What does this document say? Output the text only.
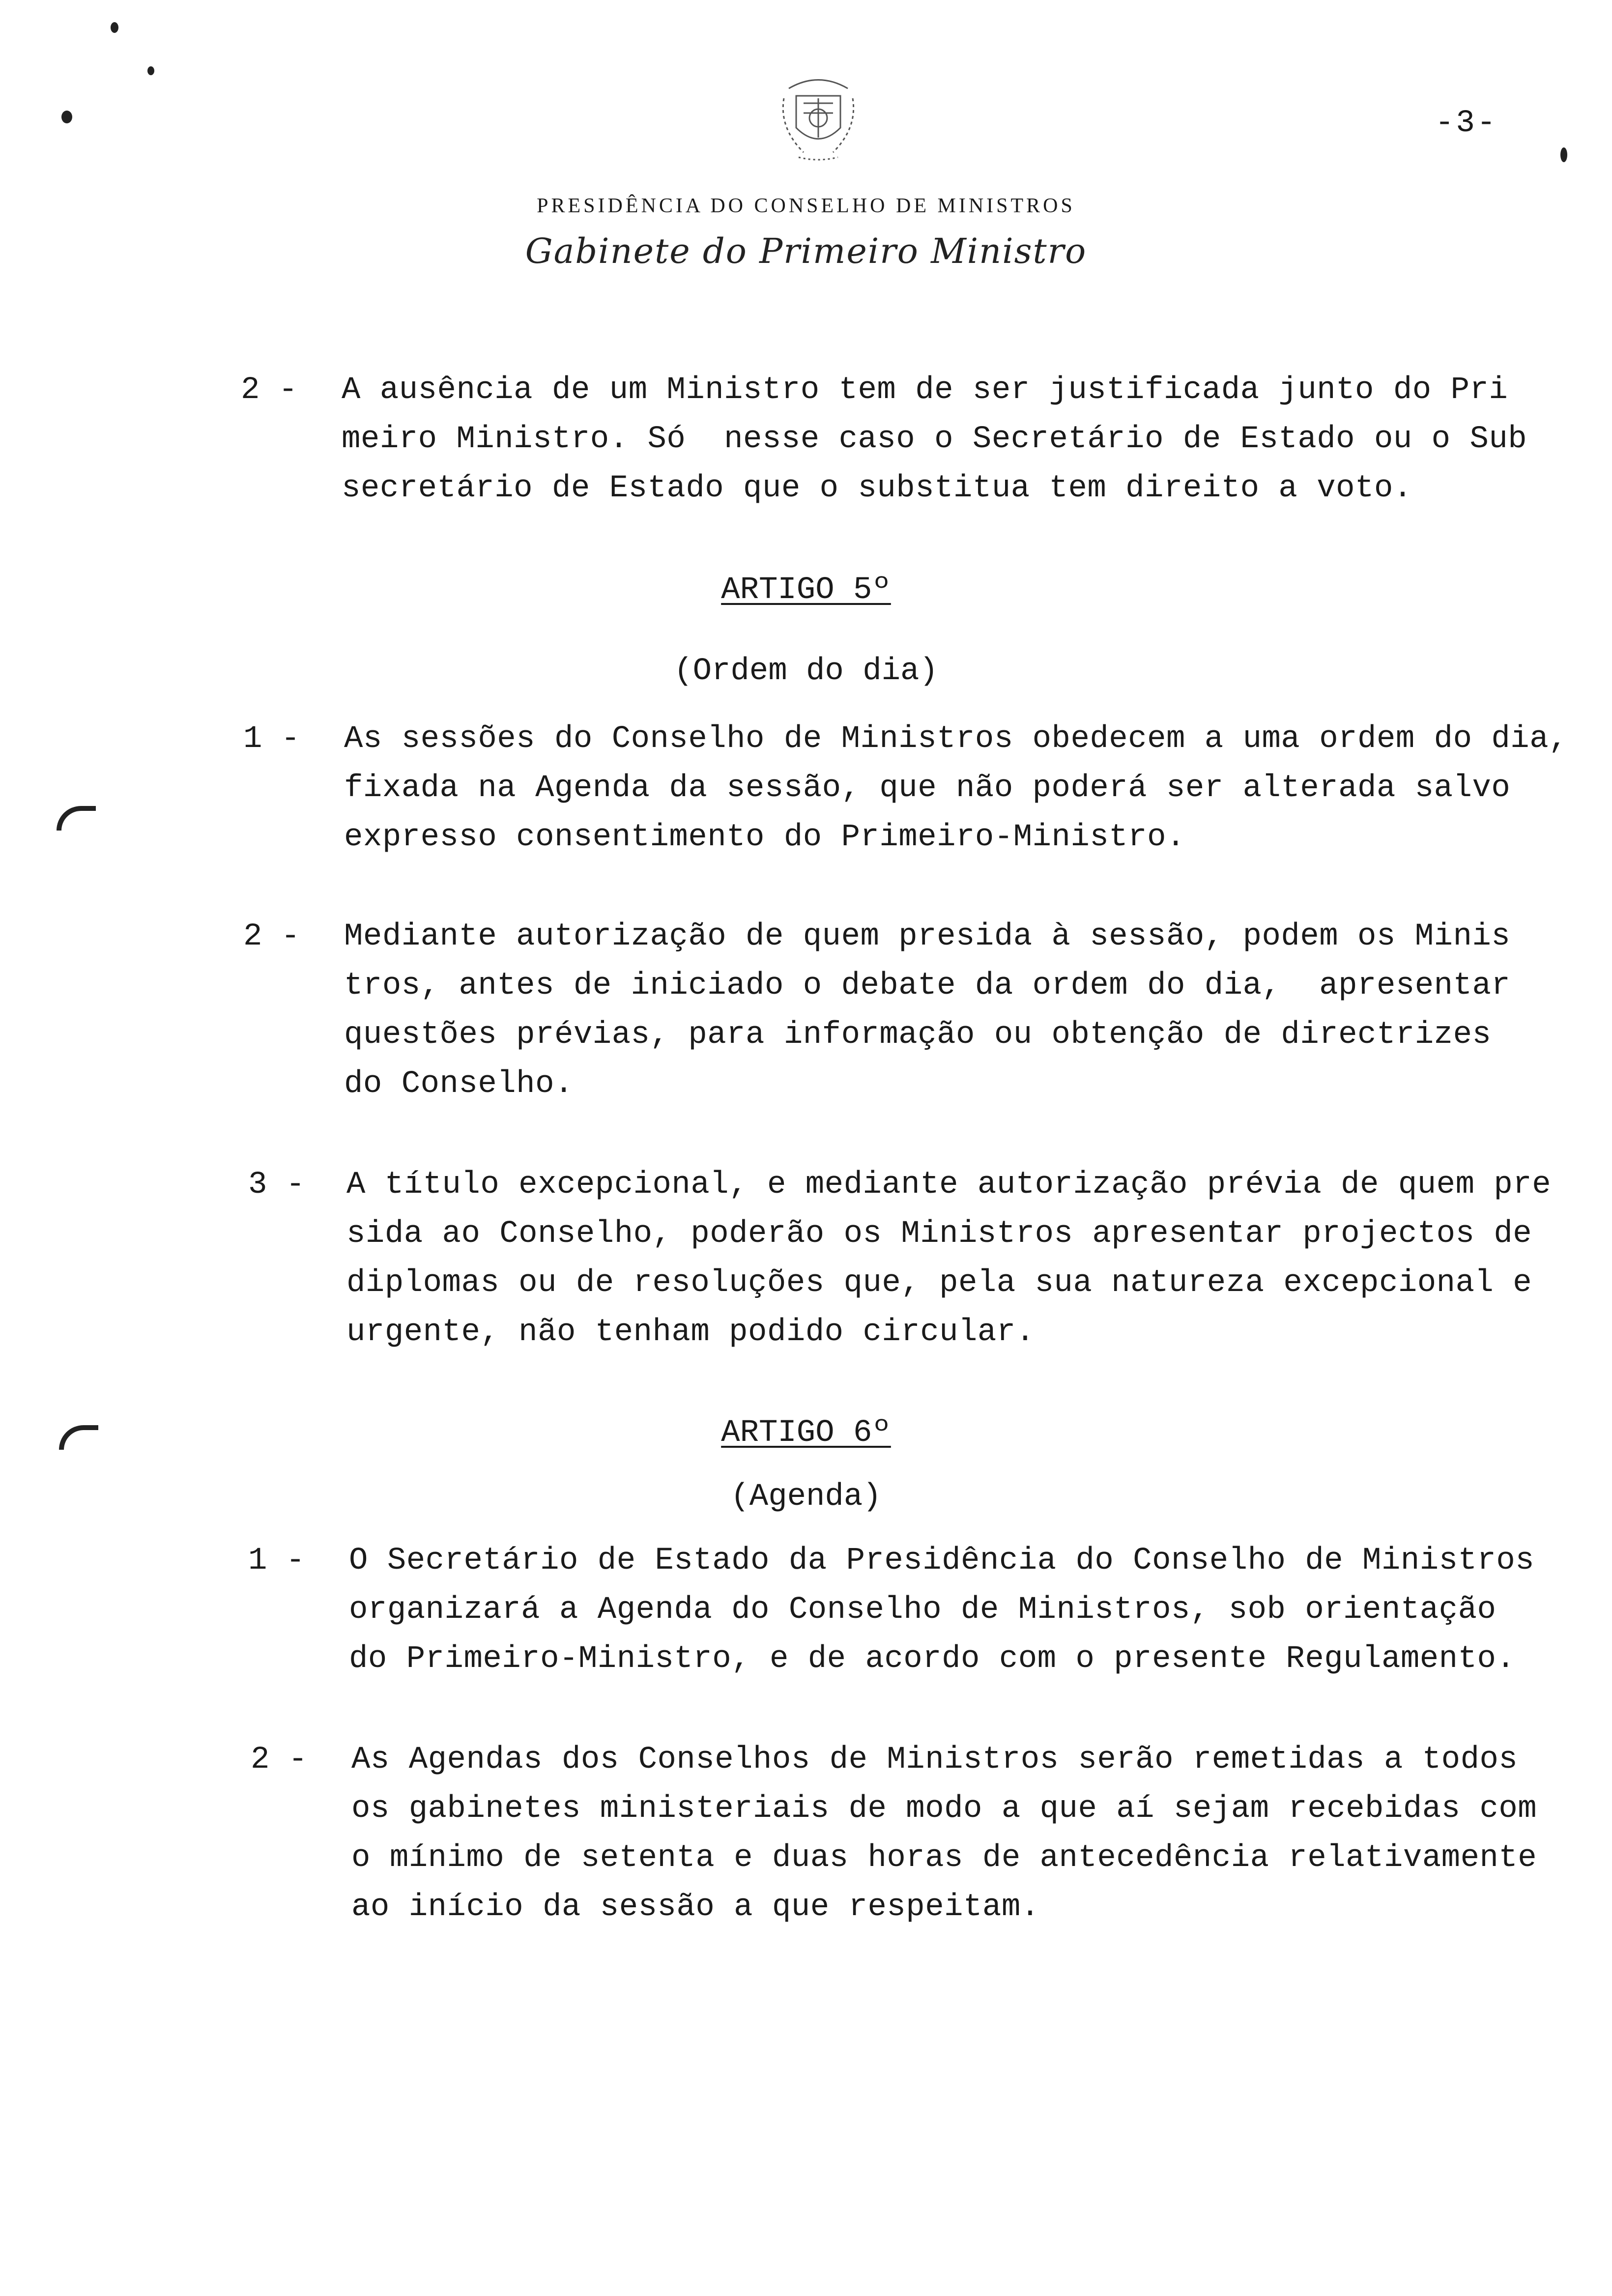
-3-
PRESIDÊNCIA DO CONSELHO DE MINISTROS
Gabinete do Primeiro Ministro
2 - A ausência de um Ministro tem de ser justificada junto do Pri
meiro Ministro. Só  nesse caso o Secretário de Estado ou o Sub
secretário de Estado que o substitua tem direito a voto.
ARTIGO 5º
(Ordem do dia)
1 - As sessões do Conselho de Ministros obedecem a uma ordem do dia,
fixada na Agenda da sessão, que não poderá ser alterada salvo
expresso consentimento do Primeiro-Ministro.
2 - Mediante autorização de quem presida à sessão, podem os Minis
tros, antes de iniciado o debate da ordem do dia,  apresentar
questões prévias, para informação ou obtenção de directrizes
do Conselho.
3 - A título excepcional, e mediante autorização prévia de quem pre
sida ao Conselho, poderão os Ministros apresentar projectos de
diplomas ou de resoluções que, pela sua natureza excepcional e
urgente, não tenham podido circular.
ARTIGO 6º
(Agenda)
1 - O Secretário de Estado da Presidência do Conselho de Ministros
organizará a Agenda do Conselho de Ministros, sob orientação
do Primeiro-Ministro, e de acordo com o presente Regulamento.
2 - As Agendas dos Conselhos de Ministros serão remetidas a todos
os gabinetes ministeriais de modo a que aí sejam recebidas com
o mínimo de setenta e duas horas de antecedência relativamente
ao início da sessão a que respeitam.
